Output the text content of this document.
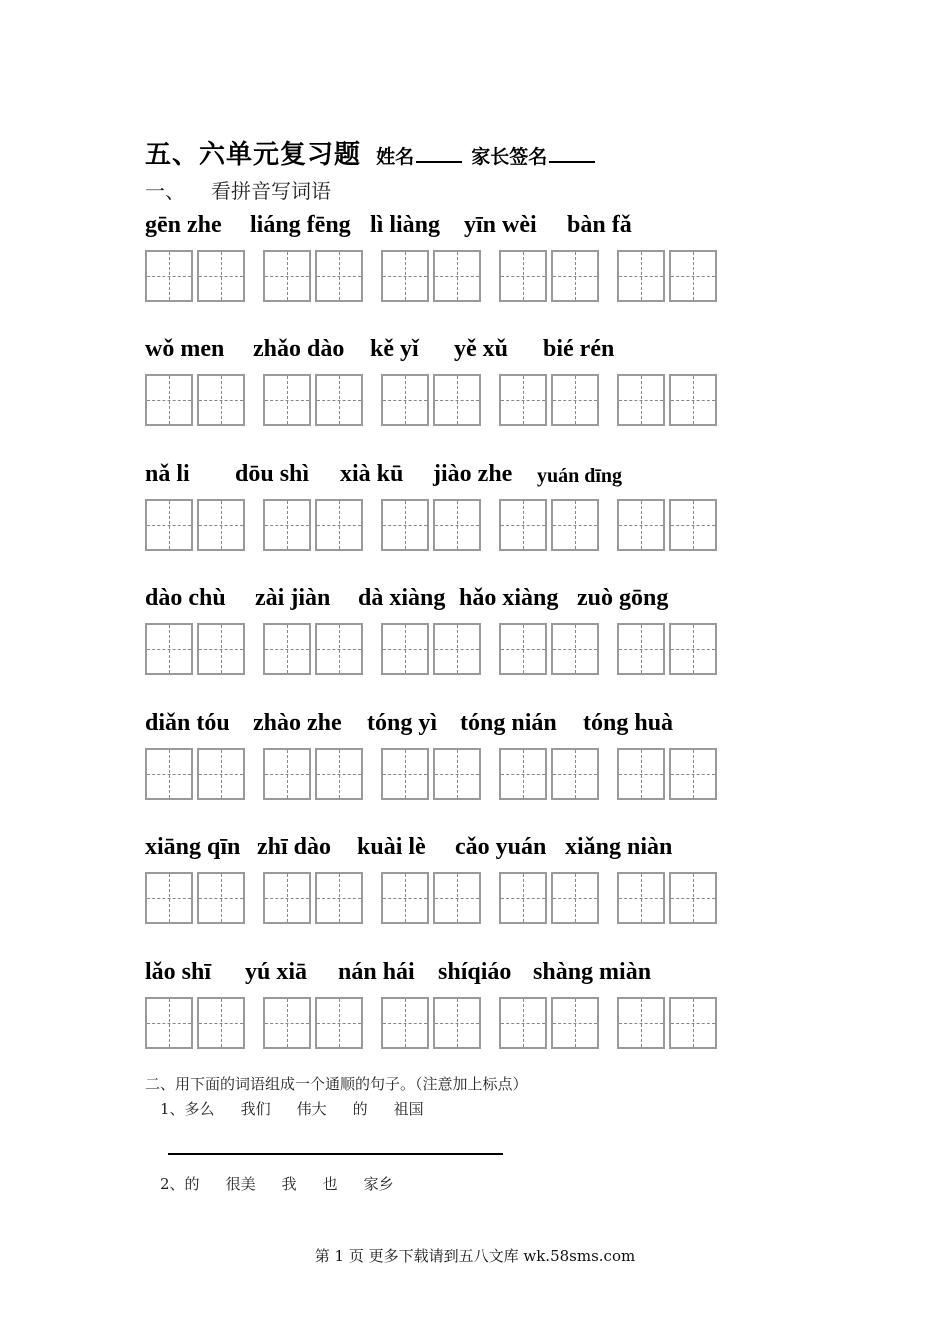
五、六单元复习题 姓名	家长签名
一、 看拼音写词语
gēn zhe liáng fēng lì liàng yīn wèi bàn fǎ
wǒ men zhǎo dào kě yǐ yě xǔ bié rén
nǎ li dōu shì xià kū jiào zhe yuán dīng
dào chù zài jiàn dà xiàng hǎo xiàng zuò gōng
diǎn tóu zhào zhe tóng yì tóng nián tóng huà
xiāng qīn zhī dào kuài lè cǎo yuán xiǎng niàn
lǎo shī yú xiā nán hái shíqiáo shàng miàn
二、用下面的词语组成一个通顺的句子。（注意加上标点）
1、多么 我们 伟大 的 祖国
2、的 很美 我 也 家乡
第 1 页 更多下载请到五八文库 wk.58sms.com
